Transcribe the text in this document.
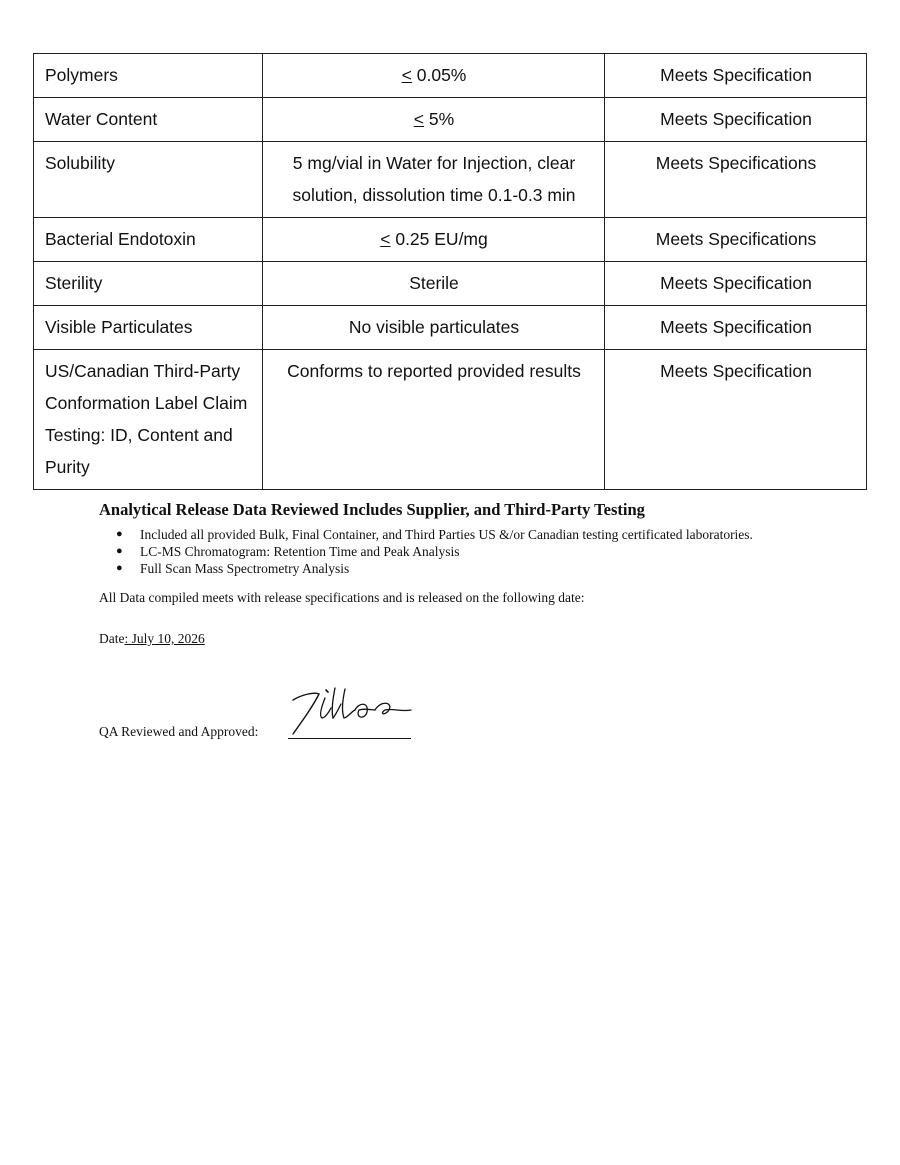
Polymers	≤ 0.05%	Meets Specification
Water Content	≤ 5%	Meets Specification
Solubility	5 mg/vial in Water for Injection, clear solution, dissolution time 0.1-0.3 min	Meets Specifications
Bacterial Endotoxin	≤ 0.25 EU/mg	Meets Specifications
Sterility	Sterile	Meets Specification
Visible Particulates	No visible particulates	Meets Specification
US/Canadian Third-Party Conformation Label Claim Testing: ID, Content and Purity	Conforms to reported provided results	Meets Specification
Analytical Release Data Reviewed Includes Supplier, and Third-Party Testing
● Included all provided Bulk, Final Container, and Third Parties US &/or Canadian testing certificated laboratories.
● LC-MS Chromatogram: Retention Time and Peak Analysis
● Full Scan Mass Spectrometry Analysis
All Data compiled meets with release specifications and is released on the following date:
Date: July 10, 2026
QA Reviewed and Approved:
